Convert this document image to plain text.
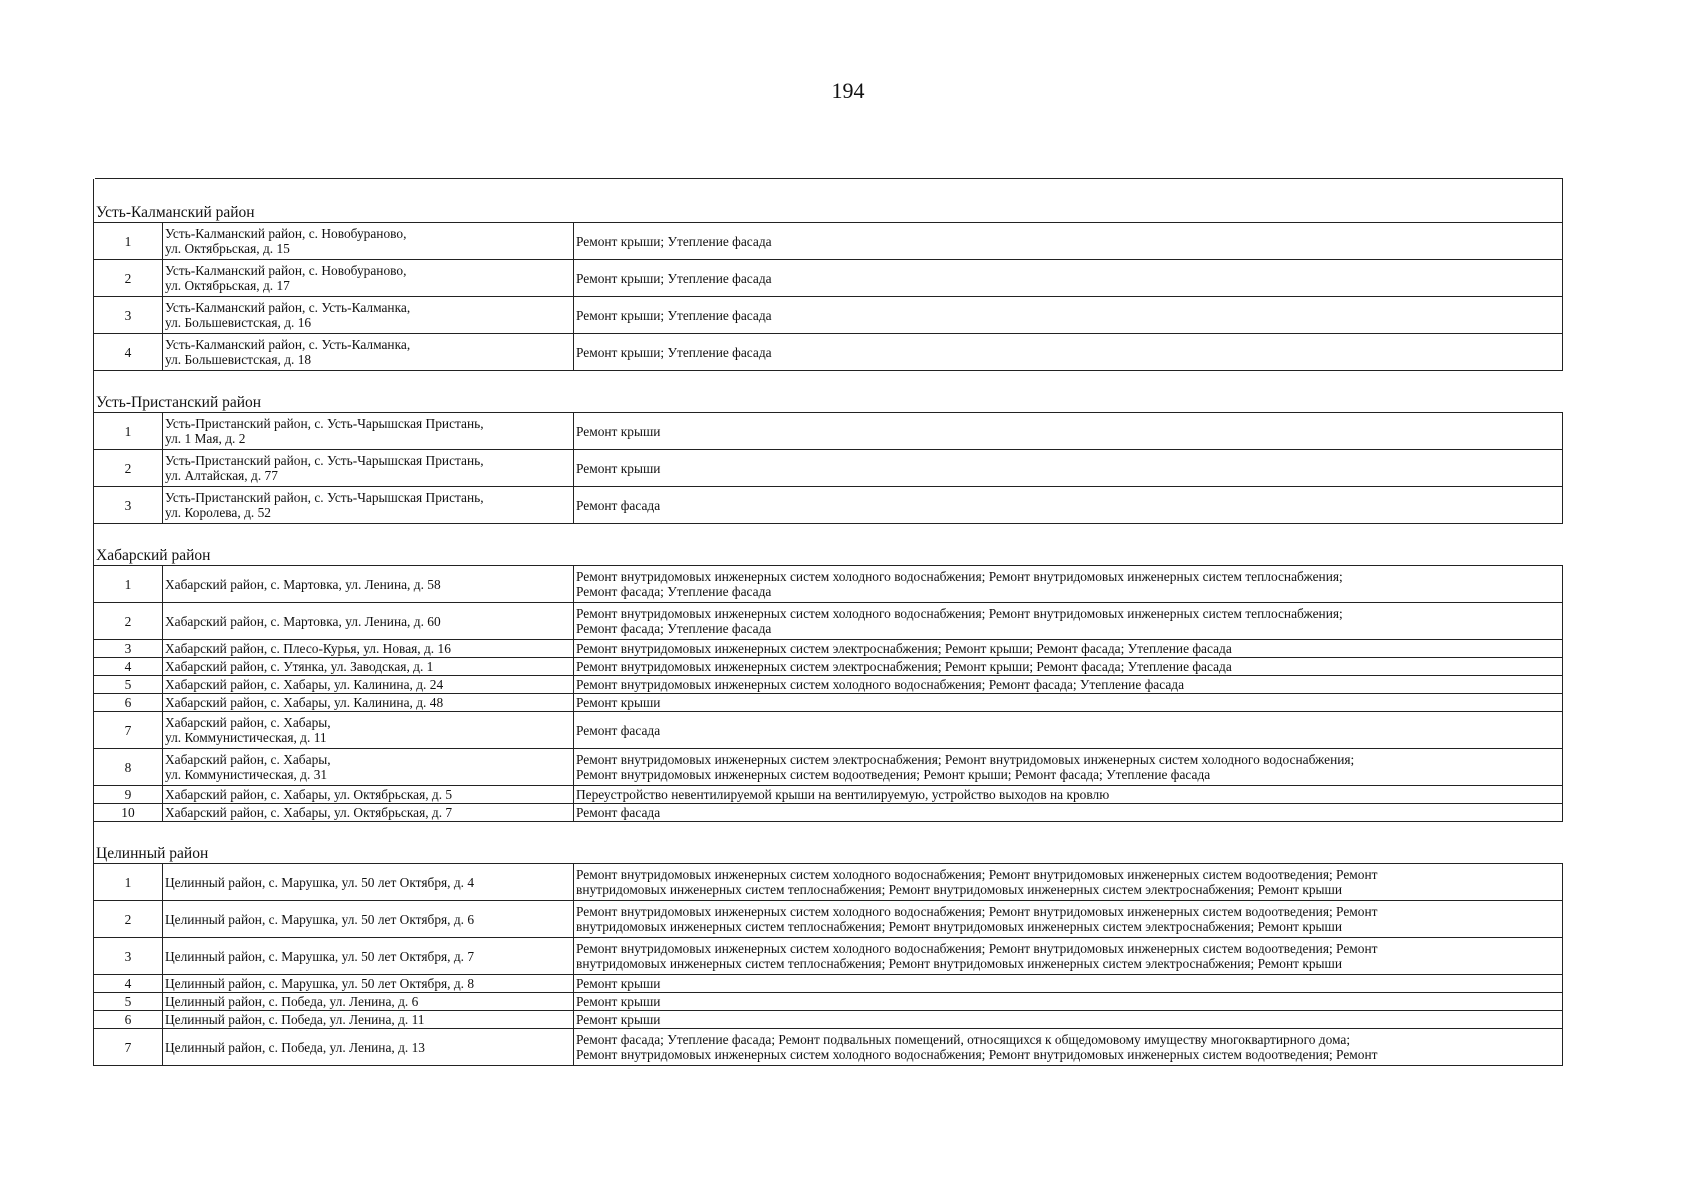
194
Усть-Калманский район
1	Усть-Калманский район, с. Новобураново,
ул. Октябрьская, д. 15	Ремонт крыши; Утепление фасада

2	Усть-Калманский район, с. Новобураново,
ул. Октябрьская, д. 17	Ремонт крыши; Утепление фасада

3	Усть-Калманский район, с. Усть-Калманка,
ул. Большевистская, д. 16	Ремонт крыши; Утепление фасада

4	Усть-Калманский район, с. Усть-Калманка,
ул. Большевистская, д. 18	Ремонт крыши; Утепление фасада
Усть-Пристанский район
1	Усть-Пристанский район, с. Усть-Чарышская Пристань,
ул. 1 Мая, д. 2	Ремонт крыши

2	Усть-Пристанский район, с. Усть-Чарышская Пристань,
ул. Алтайская, д. 77	Ремонт крыши

3	Усть-Пристанский район, с. Усть-Чарышская Пристань,
ул. Королева, д. 52	Ремонт фасада
Хабарский район
1	Хабарский район, с. Мартовка, ул. Ленина, д. 58	Ремонт внутридомовых инженерных систем холодного водоснабжения; Ремонт внутридомовых инженерных систем теплоснабжения;
Ремонт фасада; Утепление фасада

2	Хабарский район, с. Мартовка, ул. Ленина, д. 60	Ремонт внутридомовых инженерных систем холодного водоснабжения; Ремонт внутридомовых инженерных систем теплоснабжения;
Ремонт фасада; Утепление фасада

3	Хабарский район, с. Плесо-Курья, ул. Новая, д. 16	Ремонт внутридомовых инженерных систем электроснабжения; Ремонт крыши; Ремонт фасада; Утепление фасада

4	Хабарский район, с. Утянка, ул. Заводская, д. 1	Ремонт внутридомовых инженерных систем электроснабжения; Ремонт крыши; Ремонт фасада; Утепление фасада

5	Хабарский район, с. Хабары, ул. Калинина, д. 24	Ремонт внутридомовых инженерных систем холодного водоснабжения; Ремонт фасада; Утепление фасада

6	Хабарский район, с. Хабары, ул. Калинина, д. 48	Ремонт крыши

7	Хабарский район, с. Хабары,
ул. Коммунистическая, д. 11	Ремонт фасада

8	Хабарский район, с. Хабары,
ул. Коммунистическая, д. 31	Ремонт внутридомовых инженерных систем электроснабжения; Ремонт внутридомовых инженерных систем холодного водоснабжения;
Ремонт внутридомовых инженерных систем водоотведения; Ремонт крыши; Ремонт фасада; Утепление фасада

9	Хабарский район, с. Хабары, ул. Октябрьская, д. 5	Переустройство невентилируемой крыши на вентилируемую, устройство выходов на кровлю

10	Хабарский район, с. Хабары, ул. Октябрьская, д. 7	Ремонт фасада
Целинный район
1	Целинный район, с. Марушка, ул. 50 лет Октября, д. 4	Ремонт внутридомовых инженерных систем холодного водоснабжения; Ремонт внутридомовых инженерных систем водоотведения; Ремонт
внутридомовых инженерных систем теплоснабжения; Ремонт внутридомовых инженерных систем электроснабжения; Ремонт крыши

2	Целинный район, с. Марушка, ул. 50 лет Октября, д. 6	Ремонт внутридомовых инженерных систем холодного водоснабжения; Ремонт внутридомовых инженерных систем водоотведения; Ремонт
внутридомовых инженерных систем теплоснабжения; Ремонт внутридомовых инженерных систем электроснабжения; Ремонт крыши

3	Целинный район, с. Марушка, ул. 50 лет Октября, д. 7	Ремонт внутридомовых инженерных систем холодного водоснабжения; Ремонт внутридомовых инженерных систем водоотведения; Ремонт
внутридомовых инженерных систем теплоснабжения; Ремонт внутридомовых инженерных систем электроснабжения; Ремонт крыши

4	Целинный район, с. Марушка, ул. 50 лет Октября, д. 8	Ремонт крыши

5	Целинный район, с. Победа, ул. Ленина, д. 6	Ремонт крыши

6	Целинный район, с. Победа, ул. Ленина, д. 11	Ремонт крыши

7	Целинный район, с. Победа, ул. Ленина, д. 13	Ремонт фасада; Утепление фасада; Ремонт подвальных помещений, относящихся к общедомовому имуществу многоквартирного дома;
Ремонт внутридомовых инженерных систем холодного водоснабжения; Ремонт внутридомовых инженерных систем водоотведения; Ремонт
